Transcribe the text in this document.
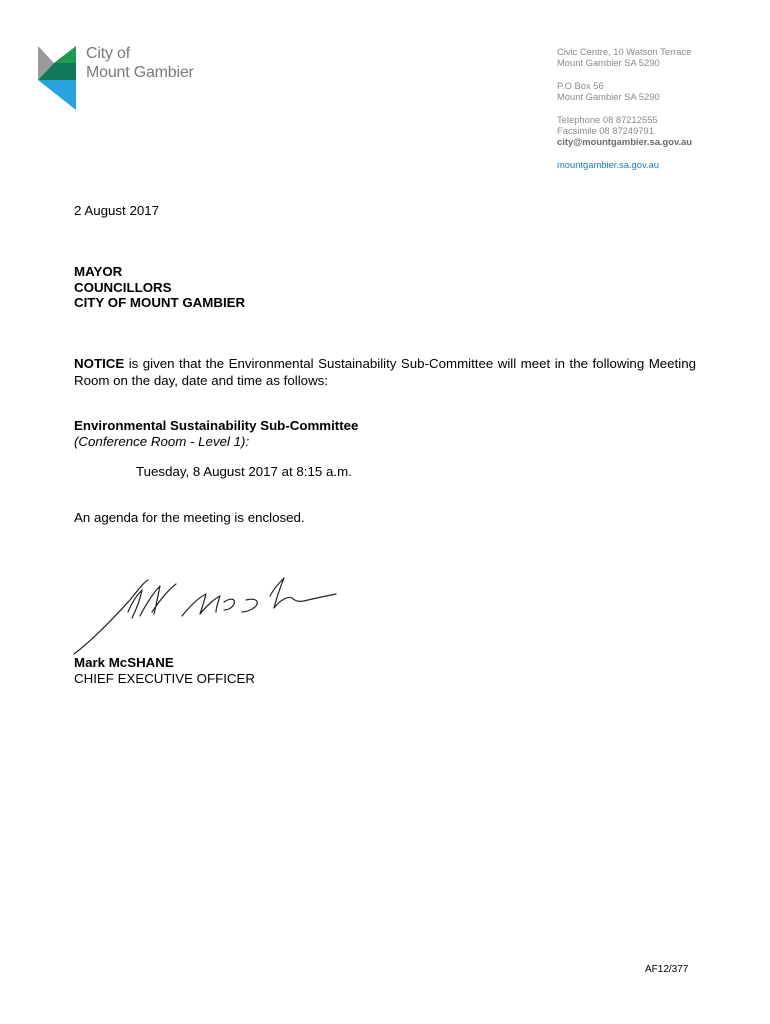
City of
Mount Gambier
Civic Centre, 10 Watson Terrace
Mount Gambier SA 5290
P.O Box 56
Mount Gambier SA 5290
Telephone 08 87212555
Facsimile 08 87249791
city@mountgambier.sa.gov.au
mountgambier.sa.gov.au
2 August 2017
MAYOR
COUNCILLORS
CITY OF MOUNT GAMBIER
NOTICE is given that the Environmental Sustainability Sub-Committee will meet in the following Meeting Room on the day, date and time as follows:
Environmental Sustainability Sub-Committee
(Conference Room - Level 1):
Tuesday, 8 August 2017 at 8:15 a.m.
An agenda for the meeting is enclosed.
Mark McSHANE
CHIEF EXECUTIVE OFFICER
AF12/377
